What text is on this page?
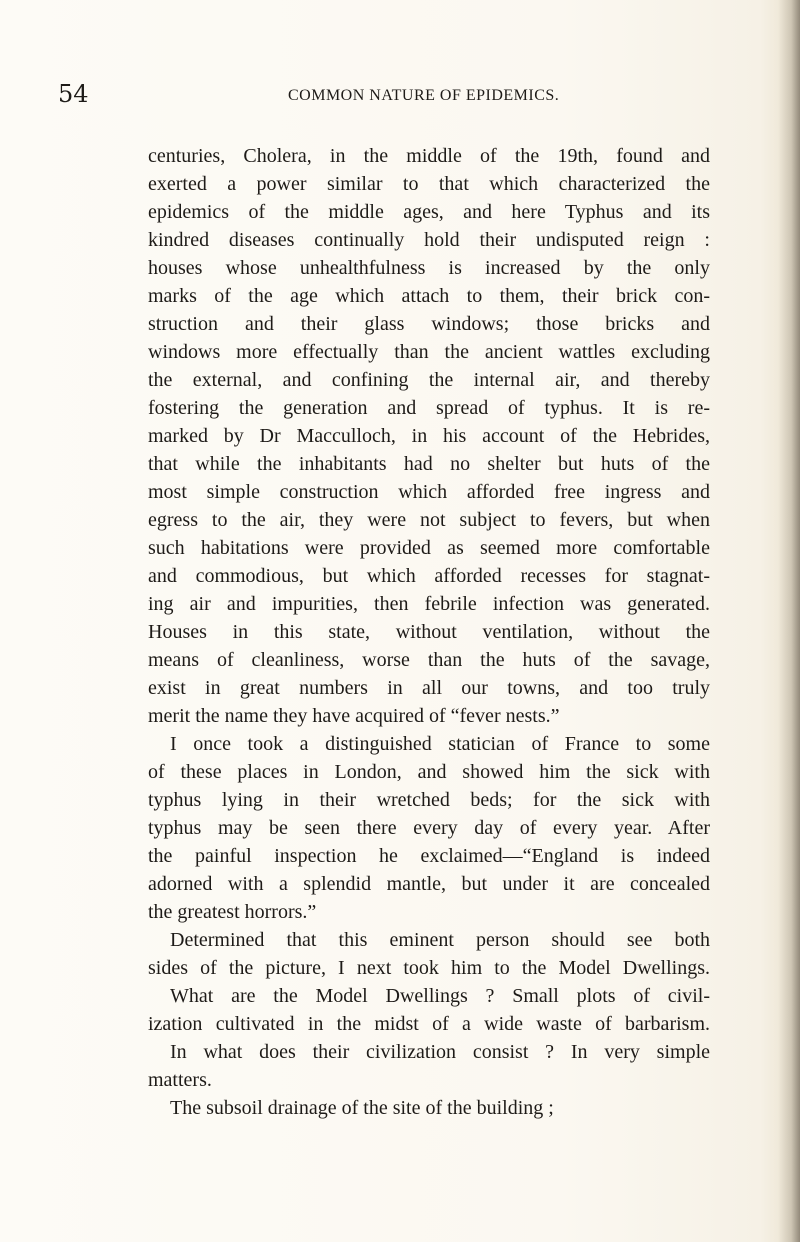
54	COMMON NATURE OF EPIDEMICS.
centuries, Cholera, in the middle of the 19th, found and
exerted a power similar to that which characterized the
epidemics of the middle ages, and here Typhus and its
kindred diseases continually hold their undisputed reign :
houses whose unhealthfulness is increased by the only
marks of the age which attach to them, their brick con-
struction and their glass windows; those bricks and
windows more effectually than the ancient wattles excluding
the external, and confining the internal air, and thereby
fostering the generation and spread of typhus. It is re-
marked by Dr Macculloch, in his account of the Hebrides,
that while the inhabitants had no shelter but huts of the
most simple construction which afforded free ingress and
egress to the air, they were not subject to fevers, but when
such habitations were provided as seemed more comfortable
and commodious, but which afforded recesses for stagnat-
ing air and impurities, then febrile infection was generated.
Houses in this state, without ventilation, without the
means of cleanliness, worse than the huts of the savage,
exist in great numbers in all our towns, and too truly
merit the name they have acquired of “fever nests.”
I once took a distinguished statician of France to some
of these places in London, and showed him the sick with
typhus lying in their wretched beds; for the sick with
typhus may be seen there every day of every year. After
the painful inspection he exclaimed—“England is indeed
adorned with a splendid mantle, but under it are concealed
the greatest horrors.”
Determined that this eminent person should see both
sides of the picture, I next took him to the Model Dwellings.
What are the Model Dwellings ? Small plots of civil-
ization cultivated in the midst of a wide waste of barbarism.
In what does their civilization consist ? In very simple
matters.
The subsoil drainage of the site of the building ;
